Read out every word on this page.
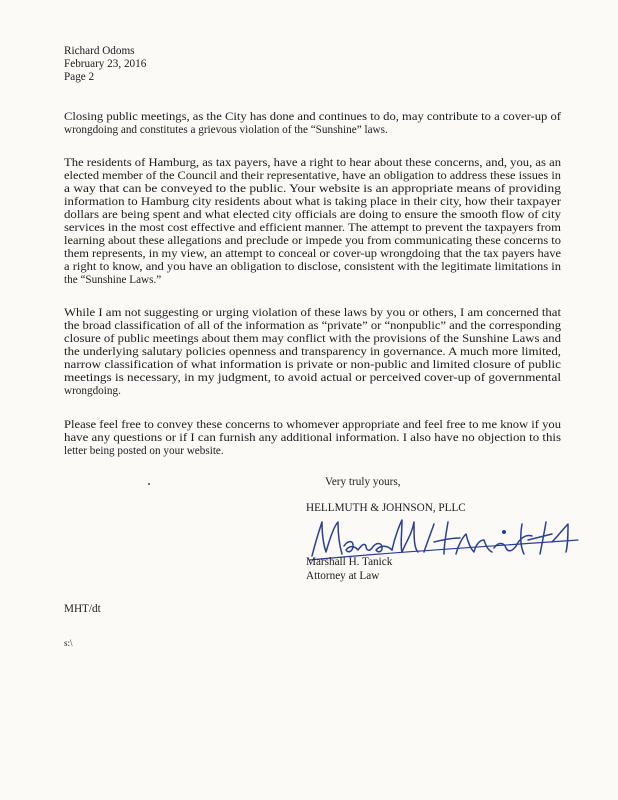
Richard Odoms
February 23, 2016
Page 2
Closing public meetings, as the City has done and continues to do, may contribute to a cover-up of
wrongdoing and constitutes a grievous violation of the “Sunshine” laws.
The residents of Hamburg, as tax payers, have a right to hear about these concerns, and, you, as an
elected member of the Council and their representative, have an obligation to address these issues in
a way that can be conveyed to the public. Your website is an appropriate means of providing
information to Hamburg city residents about what is taking place in their city, how their taxpayer
dollars are being spent and what elected city officials are doing to ensure the smooth flow of city
services in the most cost effective and efficient manner. The attempt to prevent the taxpayers from
learning about these allegations and preclude or impede you from communicating these concerns to
them represents, in my view, an attempt to conceal or cover-up wrongdoing that the tax payers have
a right to know, and you have an obligation to disclose, consistent with the legitimate limitations in
the “Sunshine Laws.”
While I am not suggesting or urging violation of these laws by you or others, I am concerned that
the broad classification of all of the information as “private” or “nonpublic” and the corresponding
closure of public meetings about them may conflict with the provisions of the Sunshine Laws and
the underlying salutary policies openness and transparency in governance. A much more limited,
narrow classification of what information is private or non-public and limited closure of public
meetings is necessary, in my judgment, to avoid actual or perceived cover-up of governmental
wrongdoing.
Please feel free to convey these concerns to whomever appropriate and feel free to me know if you
have any questions or if I can furnish any additional information. I also have no objection to this
letter being posted on your website.
Very truly yours,
HELLMUTH & JOHNSON, PLLC
Marshall H. Tanick
Attorney at Law
MHT/dt
s:\
